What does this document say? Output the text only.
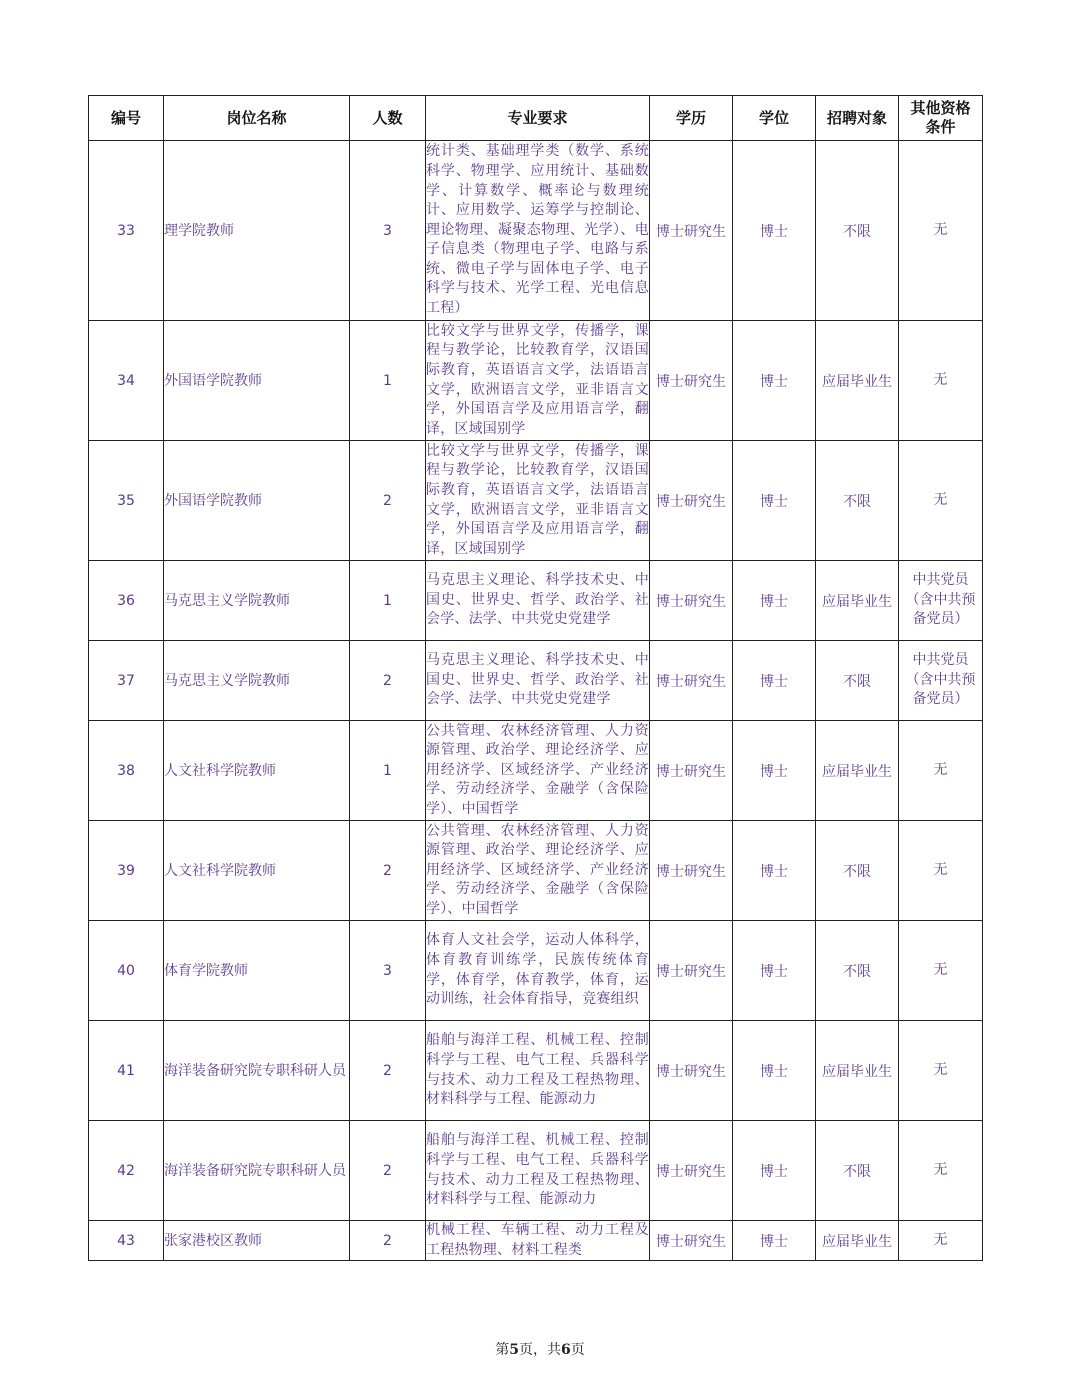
编号	岗位名称	人数	专业要求	学历	学位	招聘对象	其他资格条件
33	理学院教师	3	统计类、基础理学类（数学、系统科学、物理学、应用统计、基础数学、计算数学、概率论与数理统计、应用数学、运筹学与控制论、理论物理、凝聚态物理、光学）、电子信息类（物理电子学、电路与系统、微电子学与固体电子学、电子科学与技术、光学工程、光电信息工程）	博士研究生	博士	不限	无
34	外国语学院教师	1	比较文学与世界文学，传播学，课程与教学论，比较教育学，汉语国际教育，英语语言文学，法语语言文学，欧洲语言文学，亚非语言文学，外国语言学及应用语言学，翻译，区域国别学	博士研究生	博士	应届毕业生	无
35	外国语学院教师	2	比较文学与世界文学，传播学，课程与教学论，比较教育学，汉语国际教育，英语语言文学，法语语言文学，欧洲语言文学，亚非语言文学，外国语言学及应用语言学，翻译，区域国别学	博士研究生	博士	不限	无
36	马克思主义学院教师	1	马克思主义理论、科学技术史、中国史、世界史、哲学、政治学、社会学、法学、中共党史党建学	博士研究生	博士	应届毕业生	中共党员（含中共预备党员）
37	马克思主义学院教师	2	马克思主义理论、科学技术史、中国史、世界史、哲学、政治学、社会学、法学、中共党史党建学	博士研究生	博士	不限	中共党员（含中共预备党员）
38	人文社科学院教师	1	公共管理、农林经济管理、人力资源管理、政治学、理论经济学、应用经济学、区域经济学、产业经济学、劳动经济学、金融学（含保险学）、中国哲学	博士研究生	博士	应届毕业生	无
39	人文社科学院教师	2	公共管理、农林经济管理、人力资源管理、政治学、理论经济学、应用经济学、区域经济学、产业经济学、劳动经济学、金融学（含保险学）、中国哲学	博士研究生	博士	不限	无
40	体育学院教师	3	体育人文社会学，运动人体科学，体育教育训练学，民族传统体育学，体育学，体育教学，体育，运动训练，社会体育指导，竞赛组织	博士研究生	博士	不限	无
41	海洋装备研究院专职科研人员	2	船舶与海洋工程、机械工程、控制科学与工程、电气工程、兵器科学与技术、动力工程及工程热物理、材料科学与工程、能源动力	博士研究生	博士	应届毕业生	无
42	海洋装备研究院专职科研人员	2	船舶与海洋工程、机械工程、控制科学与工程、电气工程、兵器科学与技术、动力工程及工程热物理、材料科学与工程、能源动力	博士研究生	博士	不限	无
43	张家港校区教师	2	机械工程、车辆工程、动力工程及工程热物理、材料工程类	博士研究生	博士	应届毕业生	无
第5页，共6页
